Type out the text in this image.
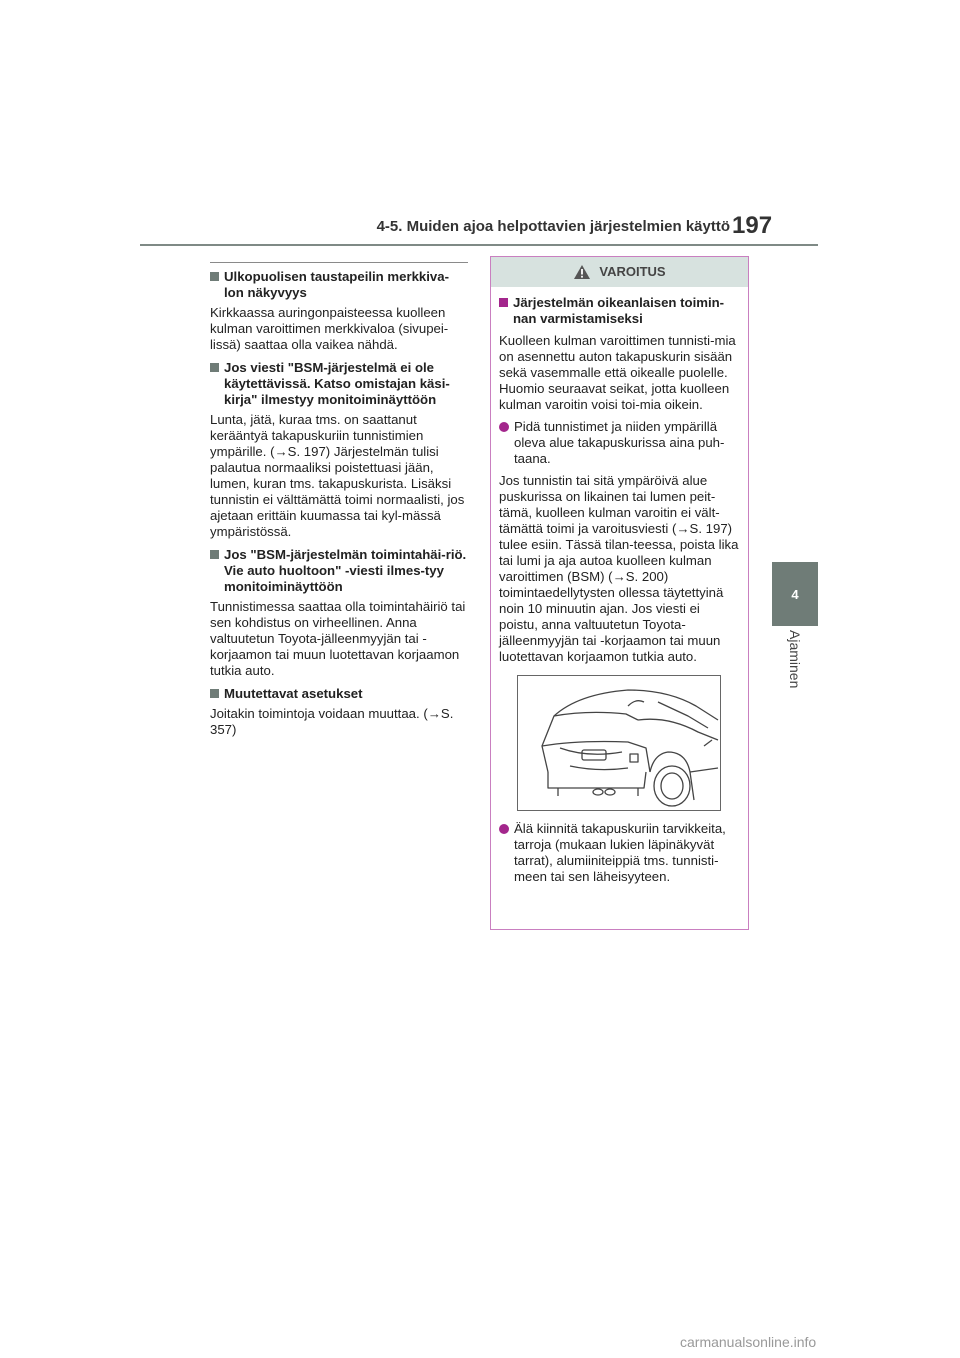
4-5. Muiden ajoa helpottavien järjestelmien käyttö 197
4
Ajaminen
Ulkopuolisen taustapeilin merkkiva- lon näkyvyys

Kirkkaassa auringonpaisteessa kuolleen kulman varoittimen merkkivaloa (sivupei-lissä) saattaa olla vaikea nähdä.

Jos viesti "BSM-järjestelmä ei ole käytettävissä. Katso omistajan käsi-kirja" ilmestyy monitoiminäyttöön

Lunta, jätä, kuraa tms. on saattanut kerääntyä takapuskuriin tunnistimien ympärille. (→S. 197) Järjestelmän tulisi palautua normaaliksi poistettuasi jään, lumen, kuran tms. takapuskurista. Lisäksi tunnistin ei välttämättä toimi normaalisti, jos ajetaan erittäin kuumassa tai kyl-mässä ympäristössä.

Jos "BSM-järjestelmän toimintahäi-riö. Vie auto huoltoon" -viesti ilmes-tyy monitoiminäyttöön

Tunnistimessa saattaa olla toimintahäiriö tai sen kohdistus on virheellinen. Anna valtuutetun Toyota-jälleenmyyjän tai -korjaamon tai muun luotettavan korjaamon tutkia auto.

Muutettavat asetukset

Joitakin toimintoja voidaan muuttaa. (→S. 357)

VAROITUS
Järjestelmän oikeanlaisen toimin-nan varmistamiseksi

Kuolleen kulman varoittimen tunnisti-mia on asennettu auton takapuskurin sisään sekä vasemmalle että oikealle puolelle. Huomio seuraavat seikat, jotta kuolleen kulman varoitin voisi toi-mia oikein.

Pidä tunnistimet ja niiden ympärillä oleva alue takapuskurissa aina puh-taana.

Jos tunnistin tai sitä ympäröivä alue puskurissa on likainen tai lumen peit-tämä, kuolleen kulman varoitin ei vält-tämättä toimi ja varoitusviesti (→S. 197) tulee esiin. Tässä tilan-teessa, poista lika tai lumi ja aja autoa kuolleen kulman varoittimen (BSM) (→S. 200) toimintaedellytysten ollessa täytettyinä noin 10 minuutin ajan. Jos viesti ei poistu, anna valtuutetun Toyota-jälleenmyyjän tai -korjaamon tai muun luotettavan korjaamon tutkia auto.

Älä kiinnitä takapuskuriin tarvikkeita, tarroja (mukaan lukien läpinäkyvät tarrat), alumiiniteippiä tms. tunnisti-meen tai sen läheisyyteen.
carmanualsonline.info
